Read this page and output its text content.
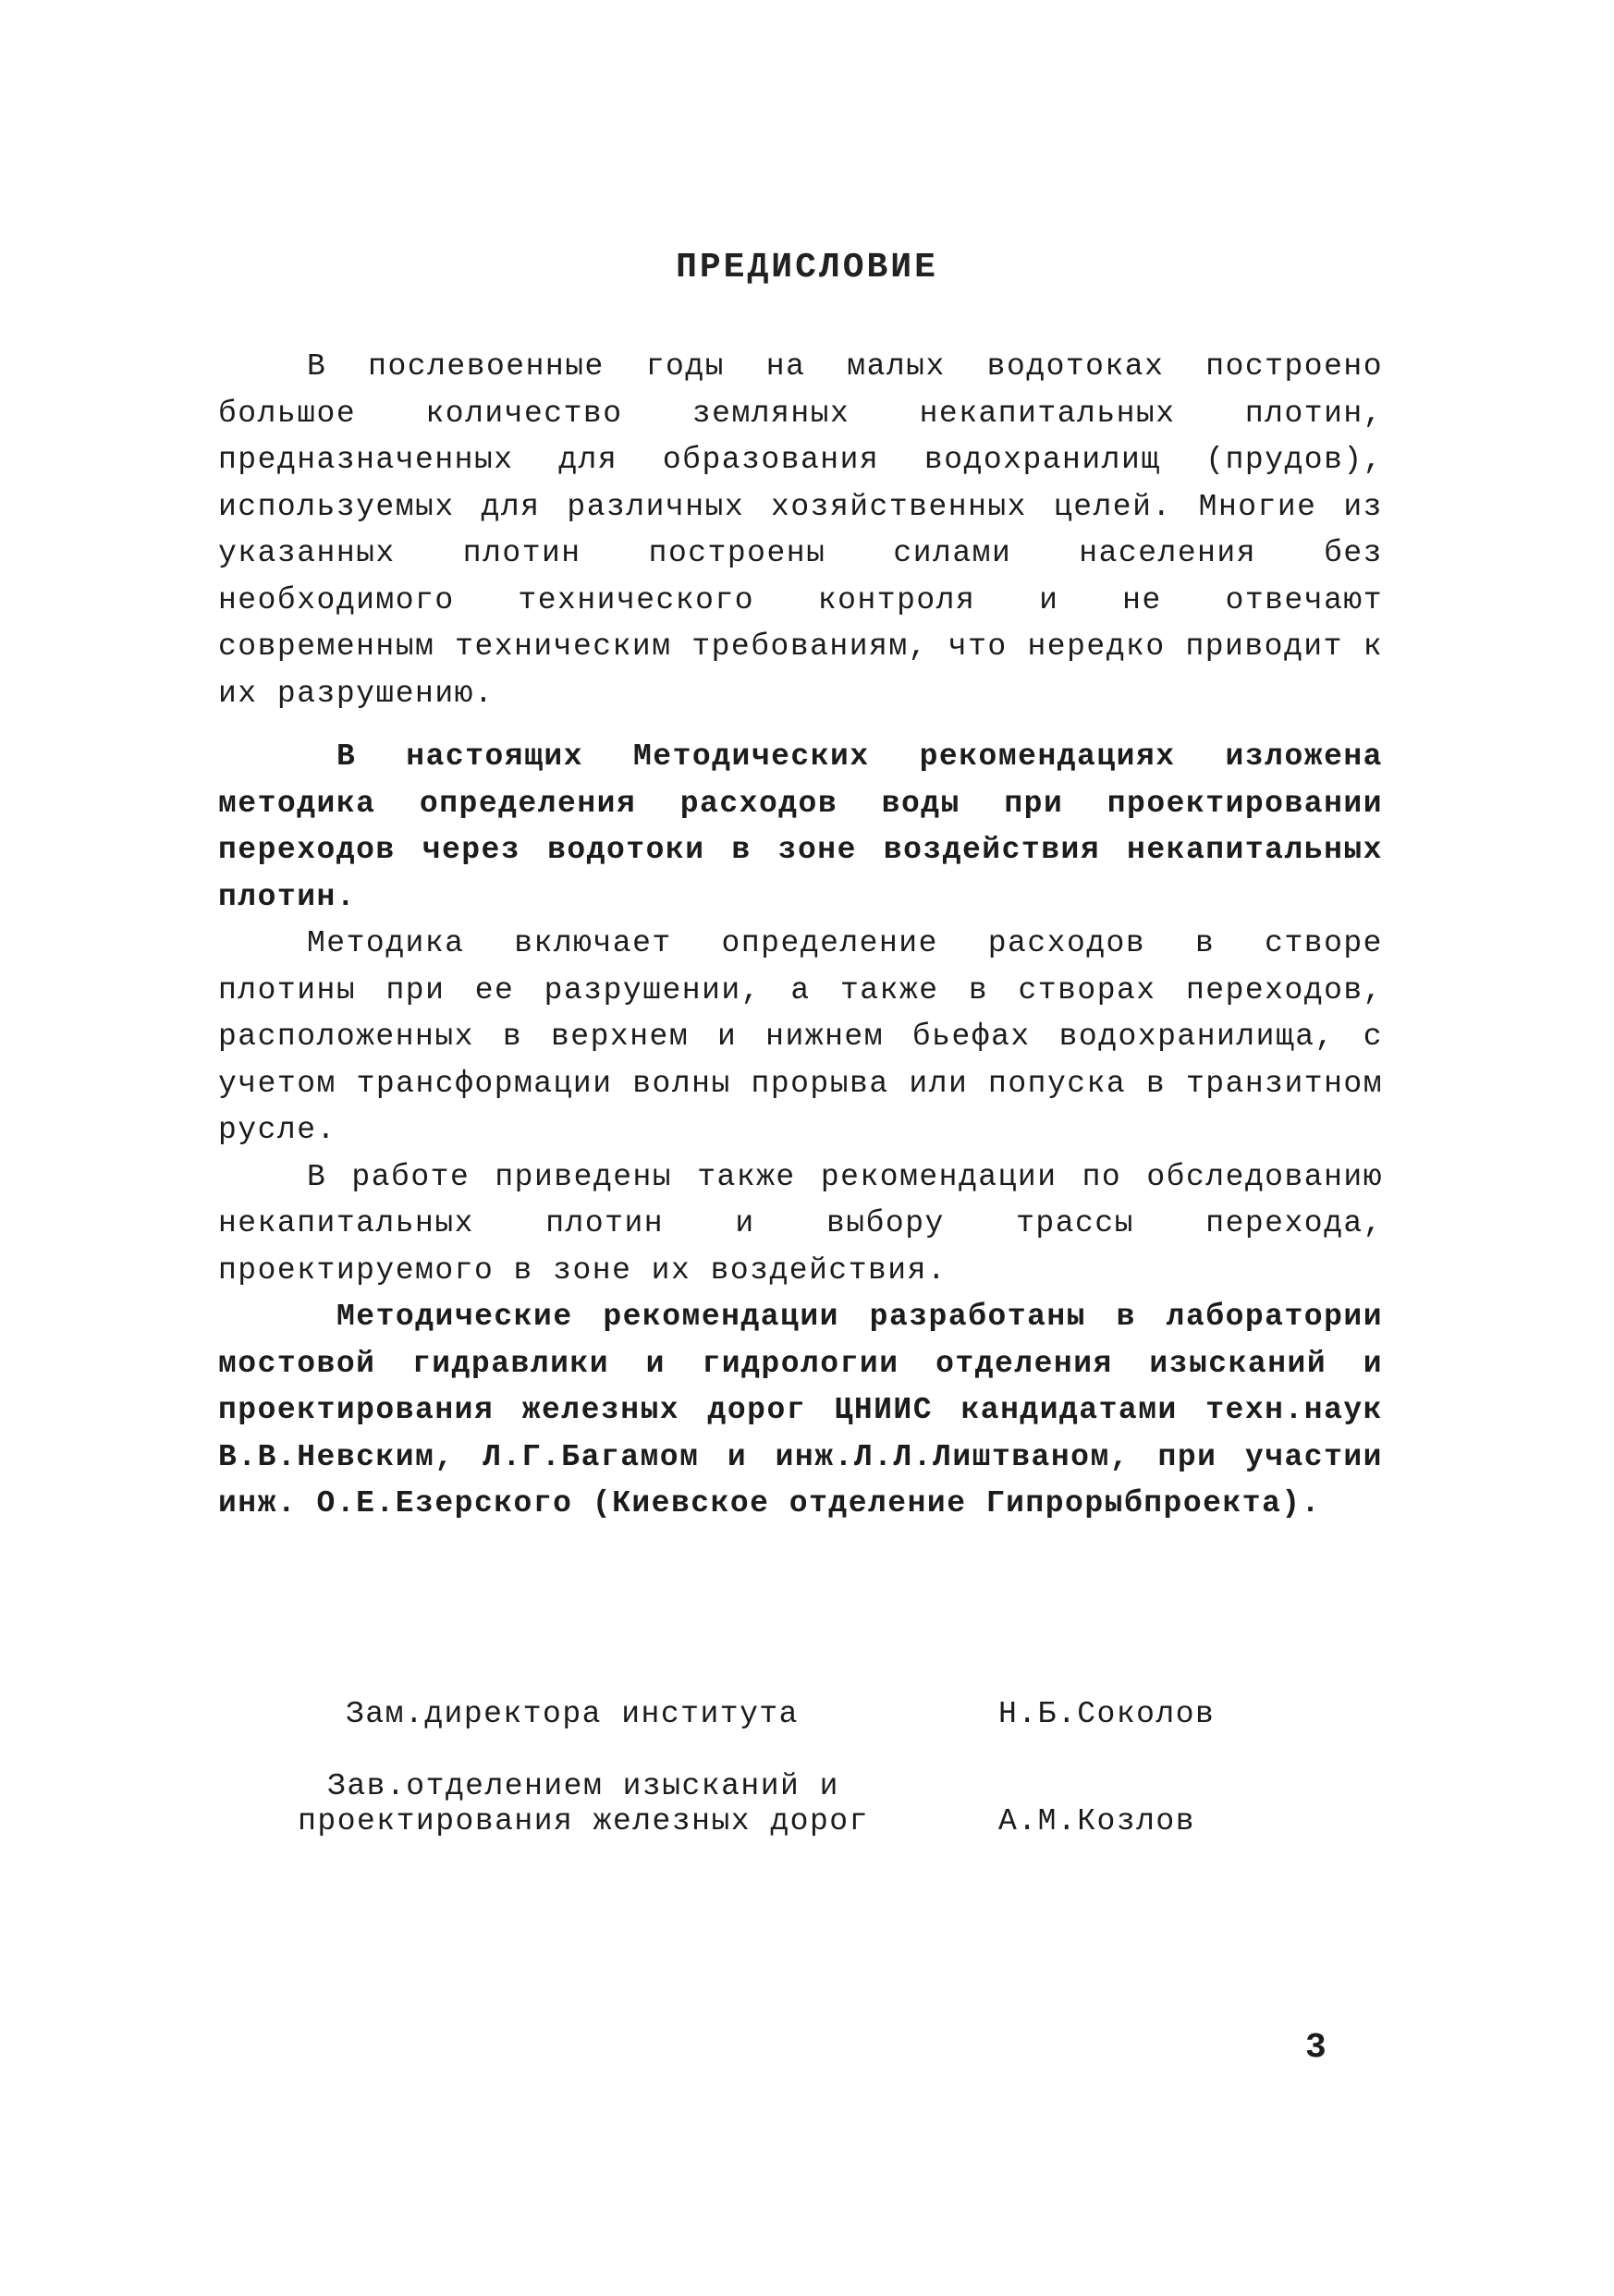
ПРЕДИСЛОВИЕ

В послевоенные годы на малых водотоках построено большое количество земляных некапитальных плотин, предназначенных для образования водохранилищ (прудов), используемых для различных хозяйственных целей. Многие из указанных плотин построены силами населения без необходимого технического контроля и не отвечают современным техническим требованиям, что нередко приводит к их разрушению.

В настоящих Методических рекомендациях изложена методика определения расходов воды при проектировании переходов через водотоки в зоне воздействия некапитальных плотин.

Методика включает определение расходов в створе плотины при ее разрушении, а также в створах переходов, расположенных в верхнем и нижнем бьефах водохранилища, с учетом трансформации волны прорыва или попуска в транзитном русле.

В работе приведены также рекомендации по обследованию некапитальных плотин и выбору трассы перехода, проектируемого в зоне их воздействия.

Методические рекомендации разработаны в лаборатории мостовой гидравлики и гидрологии отделения изысканий и проектирования железных дорог ЦНИИС кандидатами техн.наук В.В.Невским, Л.Г.Багамом и инж.Л.Л.Лиштваном, при участии инж. О.Е.Езерского (Киевское отделение Гипрорыбпроекта).

Зам.директора института	Н.Б.Соколов
Зав.отделением изысканий и проектирования железных дорог	А.М.Козлов
3
